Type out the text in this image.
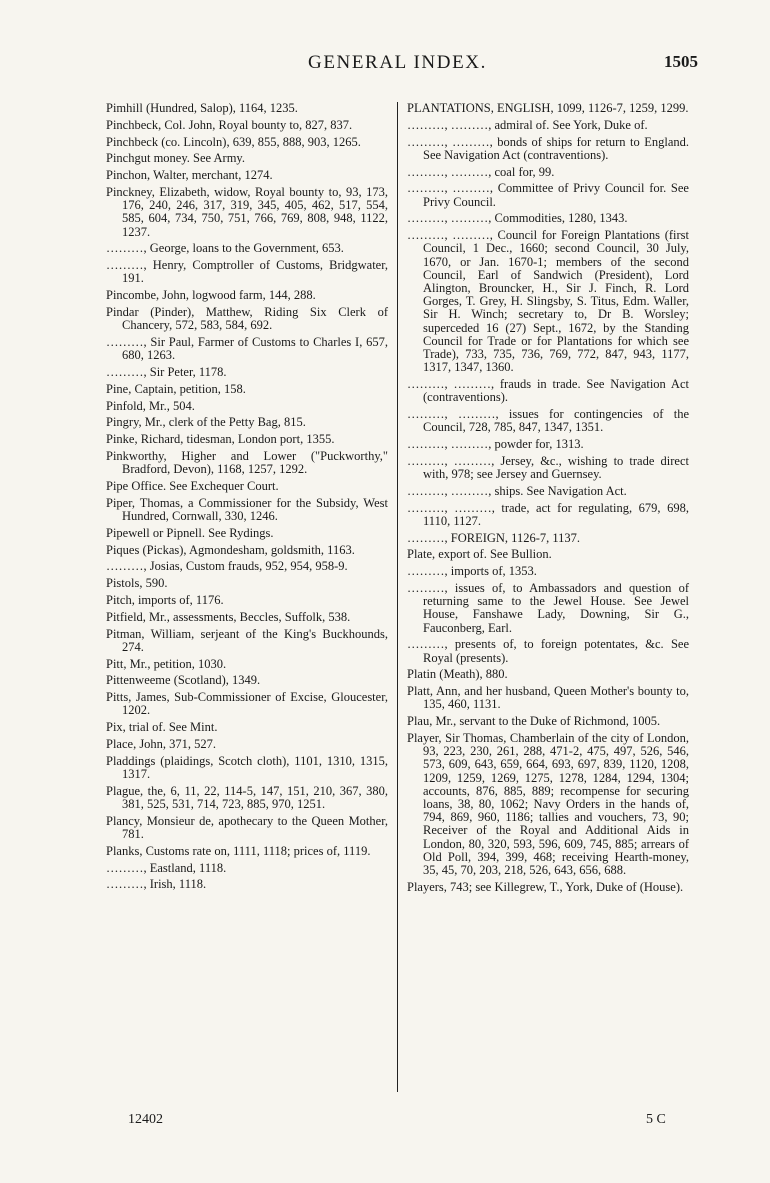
GENERAL INDEX.	1505
Pimhill (Hundred, Salop), 1164, 1235.
Pinchbeck, Col. John, Royal bounty to, 827, 837.
Pinchbeck (co. Lincoln), 639, 855, 888, 903, 1265.
Pinchgut money. See Army.
Pinchon, Walter, merchant, 1274.
Pinckney, Elizabeth, widow, Royal bounty to, 93, 173, 176, 240, 246, 317, 319, 345, 405, 462, 517, 554, 585, 604, 734, 750, 751, 766, 769, 808, 948, 1122, 1237.
………, George, loans to the Government, 653.
………, Henry, Comptroller of Customs, Bridgwater, 191.
Pincombe, John, logwood farm, 144, 288.
Pindar (Pinder), Matthew, Riding Six Clerk of Chancery, 572, 583, 584, 692.
………, Sir Paul, Farmer of Customs to Charles I, 657, 680, 1263.
………, Sir Peter, 1178.
Pine, Captain, petition, 158.
Pinfold, Mr., 504.
Pingry, Mr., clerk of the Petty Bag, 815.
Pinke, Richard, tidesman, London port, 1355.
Pinkworthy, Higher and Lower ("Puckworthy," Bradford, Devon), 1168, 1257, 1292.
Pipe Office. See Exchequer Court.
Piper, Thomas, a Commissioner for the Subsidy, West Hundred, Cornwall, 330, 1246.
Pipewell or Pipnell. See Rydings.
Piques (Pickas), Agmondesham, goldsmith, 1163.
………, Josias, Custom frauds, 952, 954, 958-9.
Pistols, 590.
Pitch, imports of, 1176.
Pitfield, Mr., assessments, Beccles, Suffolk, 538.
Pitman, William, serjeant of the King's Buckhounds, 274.
Pitt, Mr., petition, 1030.
Pittenweeme (Scotland), 1349.
Pitts, James, Sub-Commissioner of Excise, Gloucester, 1202.
Pix, trial of. See Mint.
Place, John, 371, 527.
Pladdings (plaidings, Scotch cloth), 1101, 1310, 1315, 1317.
Plague, the, 6, 11, 22, 114-5, 147, 151, 210, 367, 380, 381, 525, 531, 714, 723, 885, 970, 1251.
Plancy, Monsieur de, apothecary to the Queen Mother, 781.
Planks, Customs rate on, 1111, 1118; prices of, 1119.
………, Eastland, 1118.
………, Irish, 1118.
PLANTATIONS, ENGLISH, 1099, 1126-7, 1259, 1299.
………, ………, admiral of. See York, Duke of.
………, ………, bonds of ships for return to England. See Navigation Act (contraventions).
………, ………, coal for, 99.
………, ………, Committee of Privy Council for. See Privy Council.
………, ………, Commodities, 1280, 1343.
………, ………, Council for Foreign Plantations (first Council, 1 Dec., 1660; second Council, 30 July, 1670, or Jan. 1670-1; members of the second Council, Earl of Sandwich (President), Lord Alington, Brouncker, H., Sir J. Finch, R. Lord Gorges, T. Grey, H. Slingsby, S. Titus, Edm. Waller, Sir H. Winch; secretary to, Dr B. Worsley; superceded 16 (27) Sept., 1672, by the Standing Council for Trade or for Plantations for which see Trade), 733, 735, 736, 769, 772, 847, 943, 1177, 1317, 1347, 1360.
………, ………, frauds in trade. See Navigation Act (contraventions).
………, ………, issues for contingencies of the Council, 728, 785, 847, 1347, 1351.
………, ………, powder for, 1313.
………, ………, Jersey, &c., wishing to trade direct with, 978; see Jersey and Guernsey.
………, ………, ships. See Navigation Act.
………, ………, trade, act for regulating, 679, 698, 1110, 1127.
………, FOREIGN, 1126-7, 1137.
Plate, export of. See Bullion.
………, imports of, 1353.
………, issues of, to Ambassadors and question of returning same to the Jewel House. See Jewel House, Fanshawe Lady, Downing, Sir G., Fauconberg, Earl.
………, presents of, to foreign potentates, &c. See Royal (presents).
Platin (Meath), 880.
Platt, Ann, and her husband, Queen Mother's bounty to, 135, 460, 1131.
Plau, Mr., servant to the Duke of Richmond, 1005.
Player, Sir Thomas, Chamberlain of the city of London, 93, 223, 230, 261, 288, 471-2, 475, 497, 526, 546, 573, 609, 643, 659, 664, 693, 697, 839, 1120, 1208, 1209, 1259, 1269, 1275, 1278, 1284, 1294, 1304; accounts, 876, 885, 889; recompense for securing loans, 38, 80, 1062; Navy Orders in the hands of, 794, 869, 960, 1186; tallies and vouchers, 73, 90; Receiver of the Royal and Additional Aids in London, 80, 320, 593, 596, 609, 745, 885; arrears of Old Poll, 394, 399, 468; receiving Hearth-money, 35, 45, 70, 203, 218, 526, 643, 656, 688.
Players, 743; see Killegrew, T., York, Duke of (House).
12402	5 C
